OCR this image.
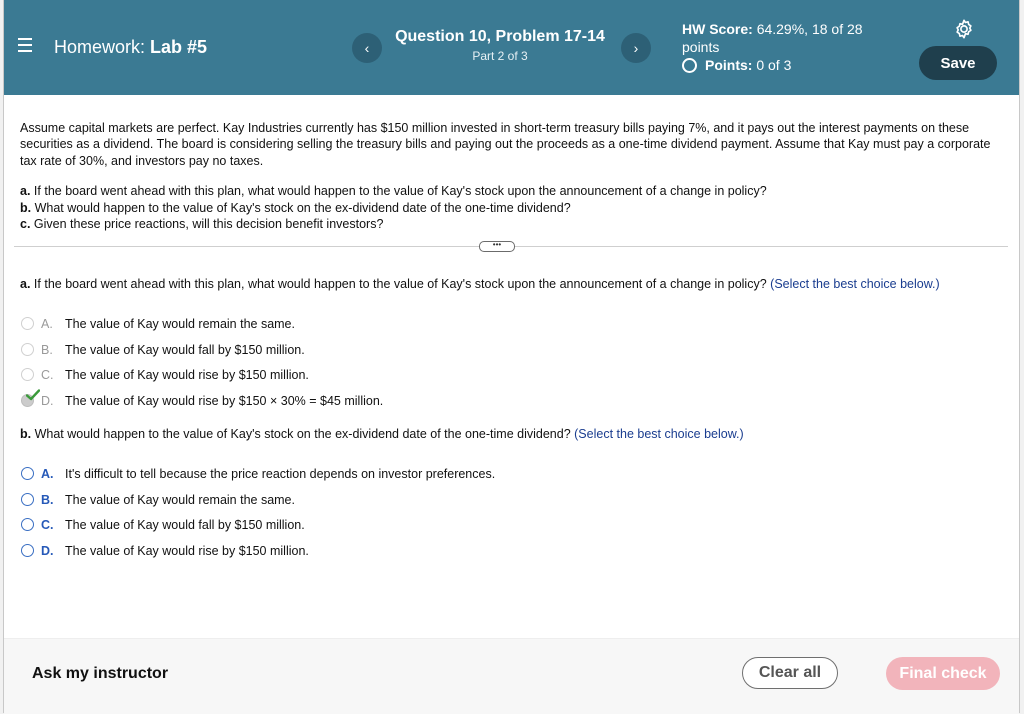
Homework: Lab #5	‹
Question 10, Problem 17-14
Part 2 of 3	›
HW Score: 64.29%, 18 of 28
points
Points: 0 of 3	Save

Assume capital markets are perfect. Kay Industries currently has $150 million invested in short-term treasury bills paying 7%, and it pays out the interest payments on these securities as a dividend. The board is considering selling the treasury bills and paying out the proceeds as a one-time dividend payment. Assume that Kay must pay a corporate tax rate of 30%, and investors pay no taxes.

a. If the board went ahead with this plan, what would happen to the value of Kay's stock upon the announcement of a change in policy?
b. What would happen to the value of Kay's stock on the ex-dividend date of the one-time dividend?
c. Given these price reactions, will this decision benefit investors?
•••
a. If the board went ahead with this plan, what would happen to the value of Kay's stock upon the announcement of a change in policy? (Select the best choice below.)
A. The value of Kay would remain the same.
B. The value of Kay would fall by $150 million.
C. The value of Kay would rise by $150 million.
D. The value of Kay would rise by $150 × 30% = $45 million.
b. What would happen to the value of Kay's stock on the ex-dividend date of the one-time dividend? (Select the best choice below.)
A. It's difficult to tell because the price reaction depends on investor preferences.
B. The value of Kay would remain the same.
C. The value of Kay would fall by $150 million.
D. The value of Kay would rise by $150 million.
Ask my instructor	Clear all	Final check
